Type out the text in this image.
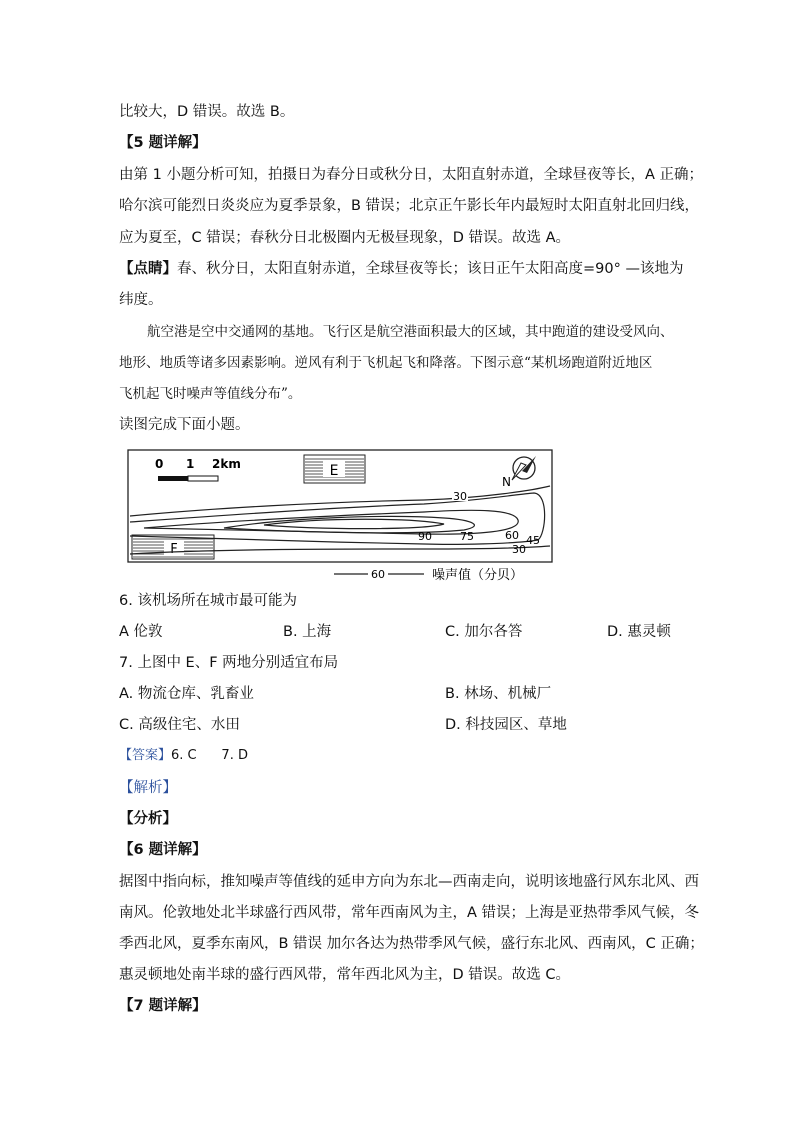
比较大，D 错误。故选 B。
【5 题详解】
由第 1 小题分析可知，拍摄日为春分日或秋分日，太阳直射赤道，全球昼夜等长，A 正确；
哈尔滨可能烈日炎炎应为夏季景象，B 错误；北京正午影长年内最短时太阳直射北回归线，
应为夏至，C 错误；春秋分日北极圈内无极昼现象，D 错误。故选 A。
【点睛】春、秋分日，太阳直射赤道，全球昼夜等长；该日正午太阳高度=90° —该地为
纬度。
航空港是空中交通网的基地。飞行区是航空港面积最大的区域，其中跑道的建设受风向、
地形、地质等诸多因素影响。逆风有利于飞机起飞和降落。下图示意“某机场跑道附近地区
飞机起飞时噪声等值线分布”。
读图完成下面小题。
0 1 2km	E
F
N
30
90	75	60 45
30
60	噪声值（分贝）
6. 该机场所在城市最可能为
A 伦敦	B. 上海	C. 加尔各答	D. 惠灵顿
7. 上图中 E、F 两地分别适宜布局
A. 物流仓库、乳畜业	B. 林场、机械厂
C. 高级住宅、水田	D. 科技园区、草地
【答案】6. C      7. D
【解析】
【分析】
【6 题详解】
据图中指向标，推知噪声等值线的延申方向为东北—西南走向，说明该地盛行风东北风、西
南风。伦敦地处北半球盛行西风带，常年西南风为主，A 错误；上海是亚热带季风气候，冬
季西北风，夏季东南风，B 错误 加尔各达为热带季风气候，盛行东北风、西南风，C 正确；
惠灵顿地处南半球的盛行西风带，常年西北风为主，D 错误。故选 C。
【7 题详解】
